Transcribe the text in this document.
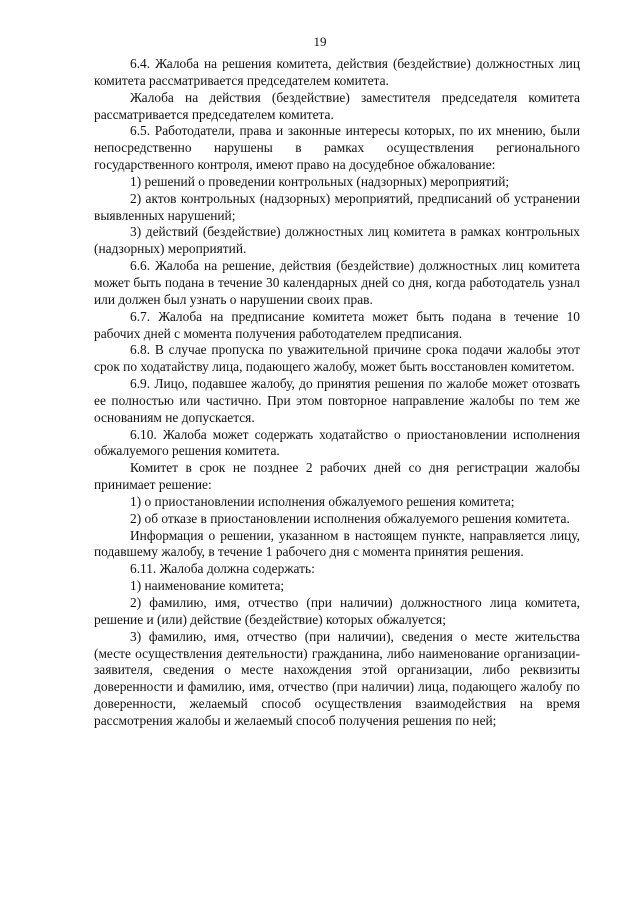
19

6.4. Жалоба на решения комитета, действия (бездействие) должностных лиц комитета рассматривается председателем комитета.

Жалоба на действия (бездействие) заместителя председателя комитета рассматривается председателем комитета.

6.5. Работодатели, права и законные интересы которых, по их мнению, были непосредственно нарушены в рамках осуществления регионального государственного контроля, имеют право на досудебное обжалование:

1) решений о проведении контрольных (надзорных) мероприятий;

2) актов контрольных (надзорных) мероприятий, предписаний об устранении выявленных нарушений;

3) действий (бездействие) должностных лиц комитета в рамках контрольных (надзорных) мероприятий.

6.6. Жалоба на решение, действия (бездействие) должностных лиц комитета может быть подана в течение 30 календарных дней со дня, когда работодатель узнал или должен был узнать о нарушении своих прав.

6.7. Жалоба на предписание комитета может быть подана в течение 10 рабочих дней с момента получения работодателем предписания.

6.8. В случае пропуска по уважительной причине срока подачи жалобы этот срок по ходатайству лица, подающего жалобу, может быть восстановлен комитетом.

6.9. Лицо, подавшее жалобу, до принятия решения по жалобе может отозвать ее полностью или частично. При этом повторное направление жалобы по тем же основаниям не допускается.

6.10. Жалоба может содержать ходатайство о приостановлении исполнения обжалуемого решения комитета.

Комитет в срок не позднее 2 рабочих дней со дня регистрации жалобы принимает решение:

1) о приостановлении исполнения обжалуемого решения комитета;

2) об отказе в приостановлении исполнения обжалуемого решения комитета.

Информация о решении, указанном в настоящем пункте, направляется лицу, подавшему жалобу, в течение 1 рабочего дня с момента принятия решения.

6.11. Жалоба должна содержать:

1) наименование комитета;

2) фамилию, имя, отчество (при наличии) должностного лица комитета, решение и (или) действие (бездействие) которых обжалуется;

3) фамилию, имя, отчество (при наличии), сведения о месте жительства (месте осуществления деятельности) гражданина, либо наименование организации-заявителя, сведения о месте нахождения этой организации, либо реквизиты доверенности и фамилию, имя, отчество (при наличии) лица, подающего жалобу по доверенности, желаемый способ осуществления взаимодействия на время рассмотрения жалобы и желаемый способ получения решения по ней;
